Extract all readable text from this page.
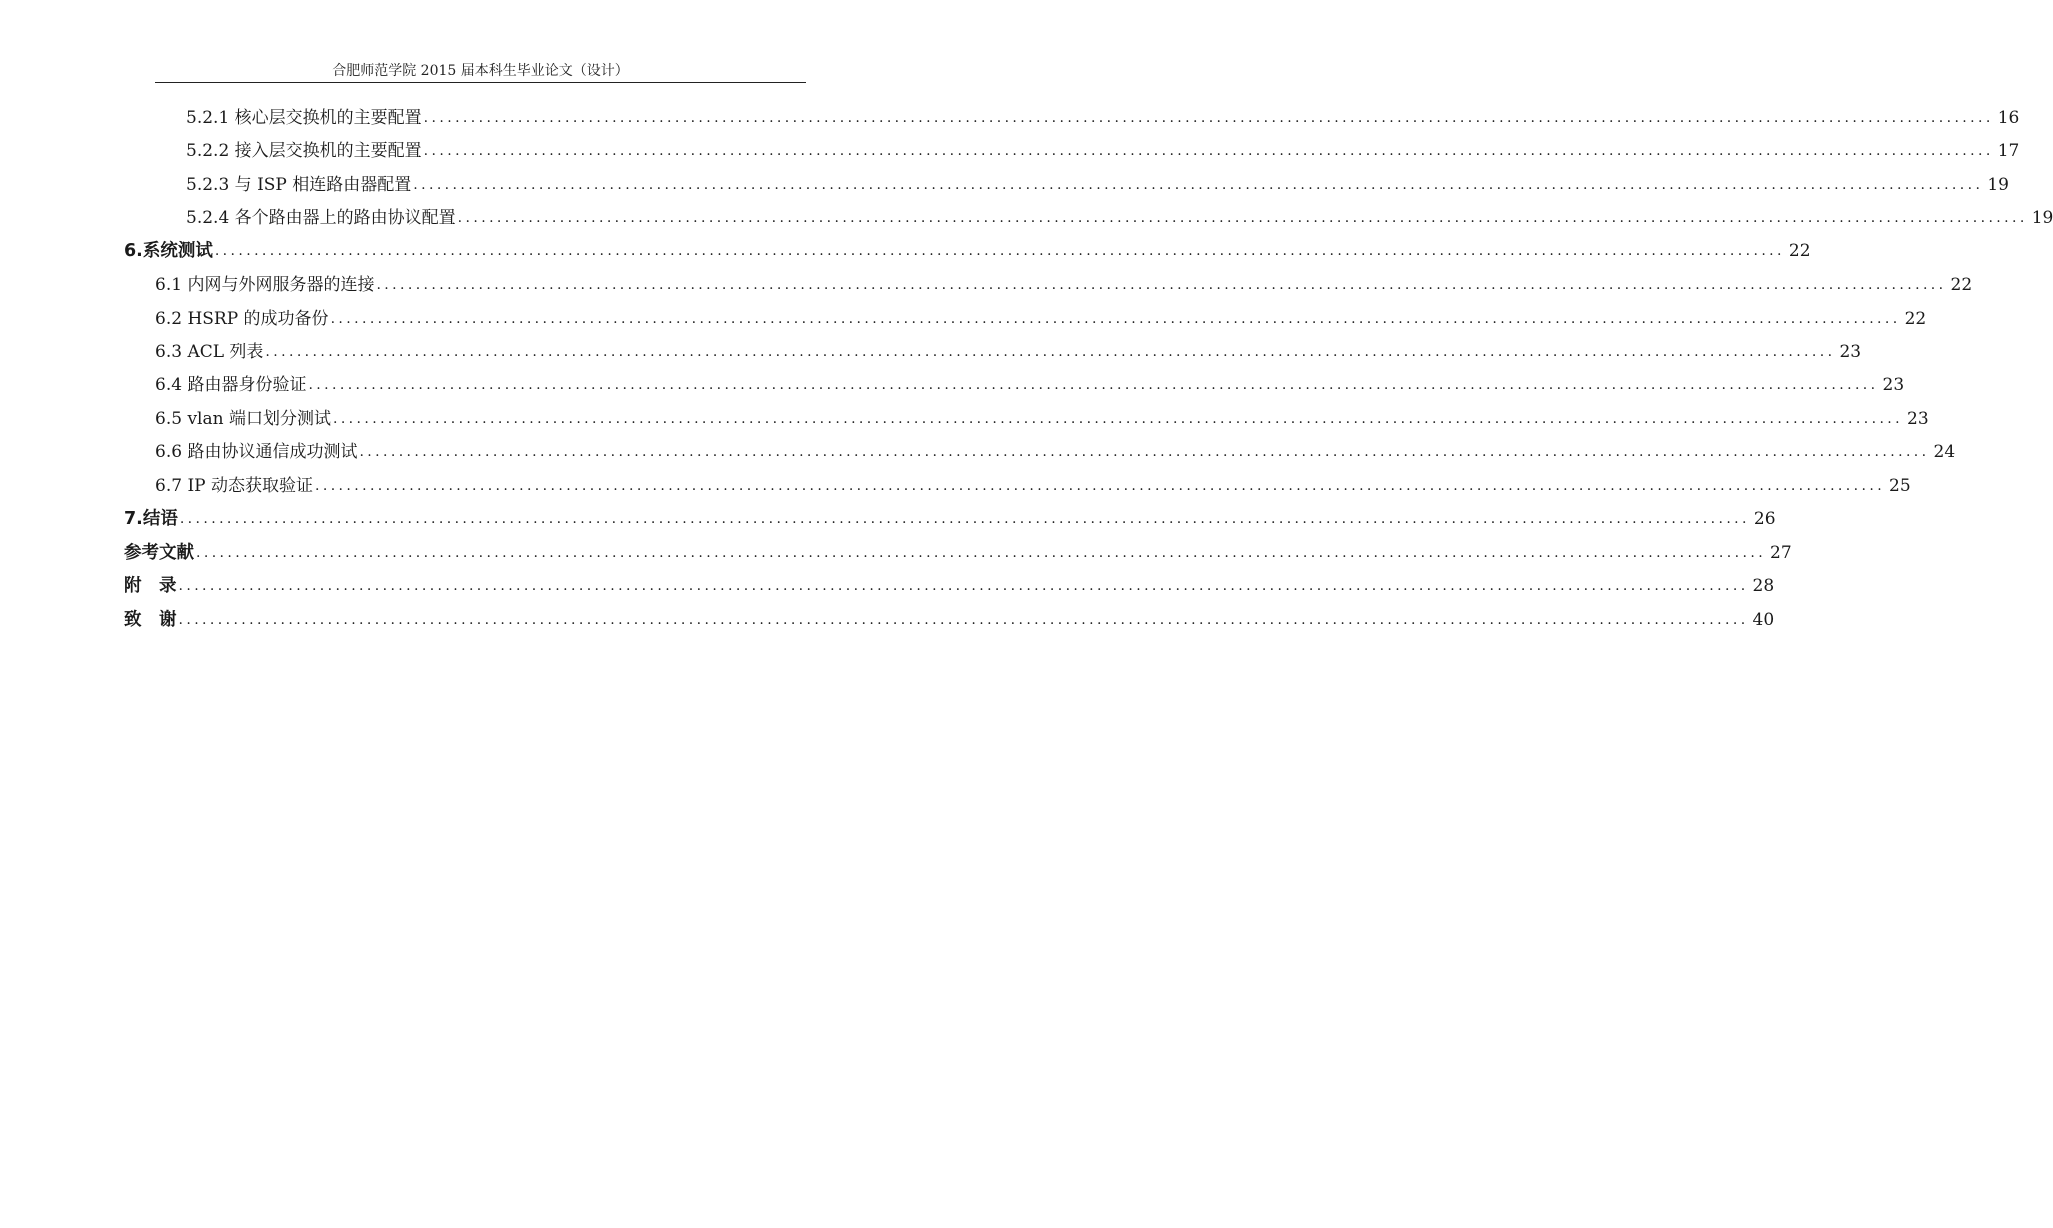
合肥师范学院 2015 届本科生毕业论文（设计）
5.2.1 核心层交换机的主要配置 ........................................................................................................................................................................................................ 16
5.2.2 接入层交换机的主要配置 ........................................................................................................................................................................................................ 17
5.2.3 与 ISP 相连路由器配置 ........................................................................................................................................................................................................ 19
5.2.4 各个路由器上的路由协议配置 ........................................................................................................................................................................................................ 19
6.系统测试 ........................................................................................................................................................................................................ 22
6.1 内网与外网服务器的连接 ........................................................................................................................................................................................................ 22
6.2 HSRP 的成功备份 ........................................................................................................................................................................................................ 22
6.3 ACL 列表 ........................................................................................................................................................................................................ 23
6.4 路由器身份验证 ........................................................................................................................................................................................................ 23
6.5 vlan 端口划分测试 ........................................................................................................................................................................................................ 23
6.6 路由协议通信成功测试 ........................................................................................................................................................................................................ 24
6.7 IP 动态获取验证 ........................................................................................................................................................................................................ 25
7.结语 ........................................................................................................................................................................................................ 26
参考文献 ........................................................................................................................................................................................................ 27
附　录 ........................................................................................................................................................................................................ 28
致　谢 ........................................................................................................................................................................................................ 40
